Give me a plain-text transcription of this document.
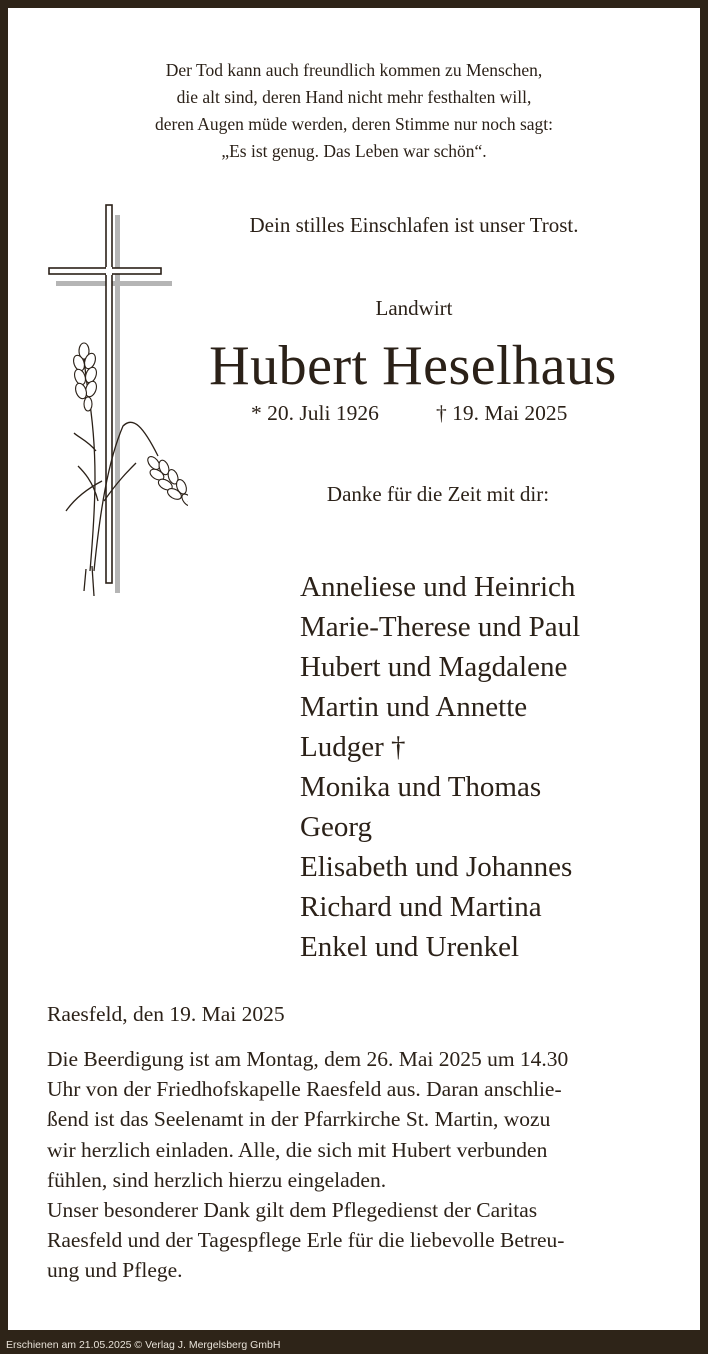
Der Tod kann auch freundlich kommen zu Menschen,
die alt sind, deren Hand nicht mehr festhalten will,
deren Augen müde werden, deren Stimme nur noch sagt:
„Es ist genug. Das Leben war schön“.
Dein stilles Einschlafen ist unser Trost.
Landwirt
Hubert Heselhaus
* 20. Juli 1926	† 19. Mai 2025
Danke für die Zeit mit dir:
Anneliese und Heinrich
Marie-Therese und Paul
Hubert und Magdalene
Martin und Annette
Ludger †
Monika und Thomas
Georg
Elisabeth und Johannes
Richard und Martina
Enkel und Urenkel
Raesfeld, den 19. Mai 2025
Die Beerdigung ist am Montag, dem 26. Mai 2025 um 14.30
Uhr von der Friedhofskapelle Raesfeld aus. Daran anschlie-
ßend ist das Seelenamt in der Pfarrkirche St. Martin, wozu
wir herzlich einladen. Alle, die sich mit Hubert verbunden
fühlen, sind herzlich hierzu eingeladen.
Unser besonderer Dank gilt dem Pflegedienst der Caritas
Raesfeld und der Tagespflege Erle für die liebevolle Betreu-
ung und Pflege.
Erschienen am 21.05.2025 © Verlag J. Mergelsberg GmbH
